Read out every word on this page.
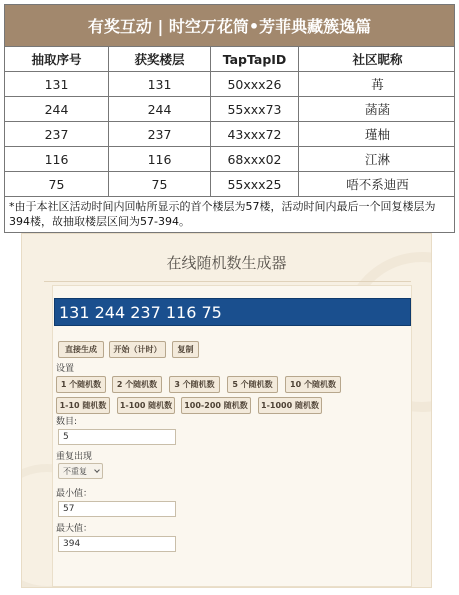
有奖互动 | 时空万花筒•芳菲典藏簇逸篇
抽取序号	获奖楼层	TapTapID	社区昵称
131	131	50xxx26	苒
244	244	55xxx73	菡菡
237	237	43xxx72	瑾柚
116	116	68xxx02	江淋
75	75	55xxx25	唔不系迪西
*由于本社区活动时间内回帖所显示的首个楼层为57楼，活动时间内最后一个回复楼层为394楼，故抽取楼层区间为57-394。
在线随机数生成器
131 244 237 116 75
直接生成	开始（计时）	复制
设置
1 个随机数	2 个随机数	3 个随机数	5 个随机数	10 个随机数
1-10 随机数	1-100 随机数	100-200 随机数	1-1000 随机数
数目:
5
重复出现
不重复
最小值：
57
最大值：
394
